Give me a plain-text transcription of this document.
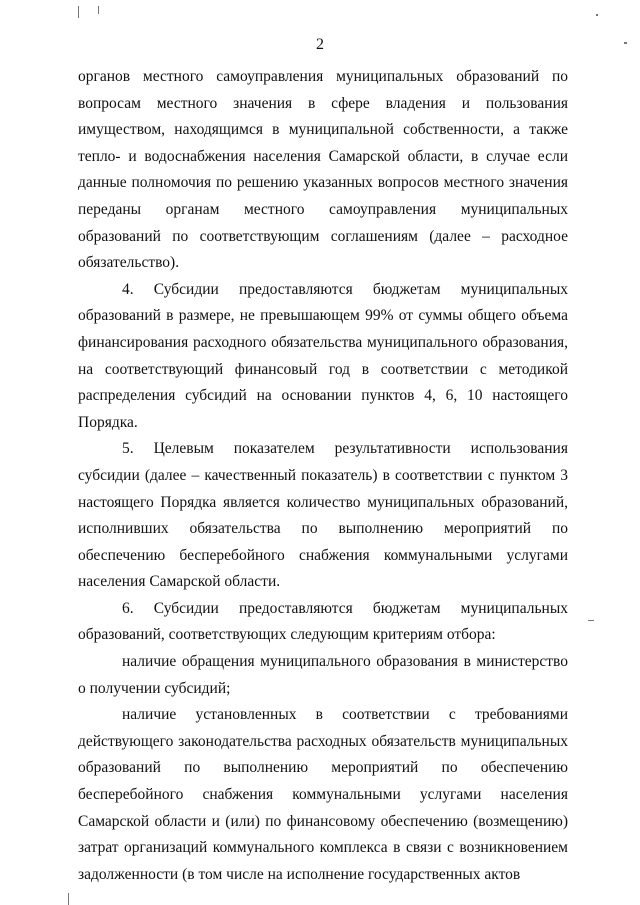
2

органов местного самоуправления муниципальных образований по вопросам местного значения в сфере владения и пользования имуществом, находящимся в муниципальной собственности, а также тепло- и водоснабжения населения Самарской области, в случае если данные полномочия по решению указанных вопросов местного значения переданы органам местного самоуправления муниципальных образований по соответствующим соглашениям (далее – расходное обязательство).

4. Субсидии предоставляются бюджетам муниципальных образований в размере, не превышающем 99% от суммы общего объема финансирования расходного обязательства муниципального образования, на соответствующий финансовый год в соответствии с методикой распределения субсидий на основании пунктов 4, 6, 10 настоящего Порядка.

5. Целевым показателем результативности использования субсидии (далее – качественный показатель) в соответствии с пунктом 3 настоящего Порядка является количество муниципальных образований, исполнивших обязательства по выполнению мероприятий по обеспечению бесперебойного снабжения коммунальными услугами населения Самарской области.

6. Субсидии предоставляются бюджетам муниципальных образований, соответствующих следующим критериям отбора:

наличие обращения муниципального образования в министерство о получении субсидий;

наличие установленных в соответствии с требованиями действующего законодательства расходных обязательств муниципальных образований по выполнению мероприятий по обеспечению бесперебойного снабжения коммунальными услугами населения Самарской области и (или) по финансовому обеспечению (возмещению) затрат организаций коммунального комплекса в связи с возникновением задолженности (в том числе на исполнение государственных актов
